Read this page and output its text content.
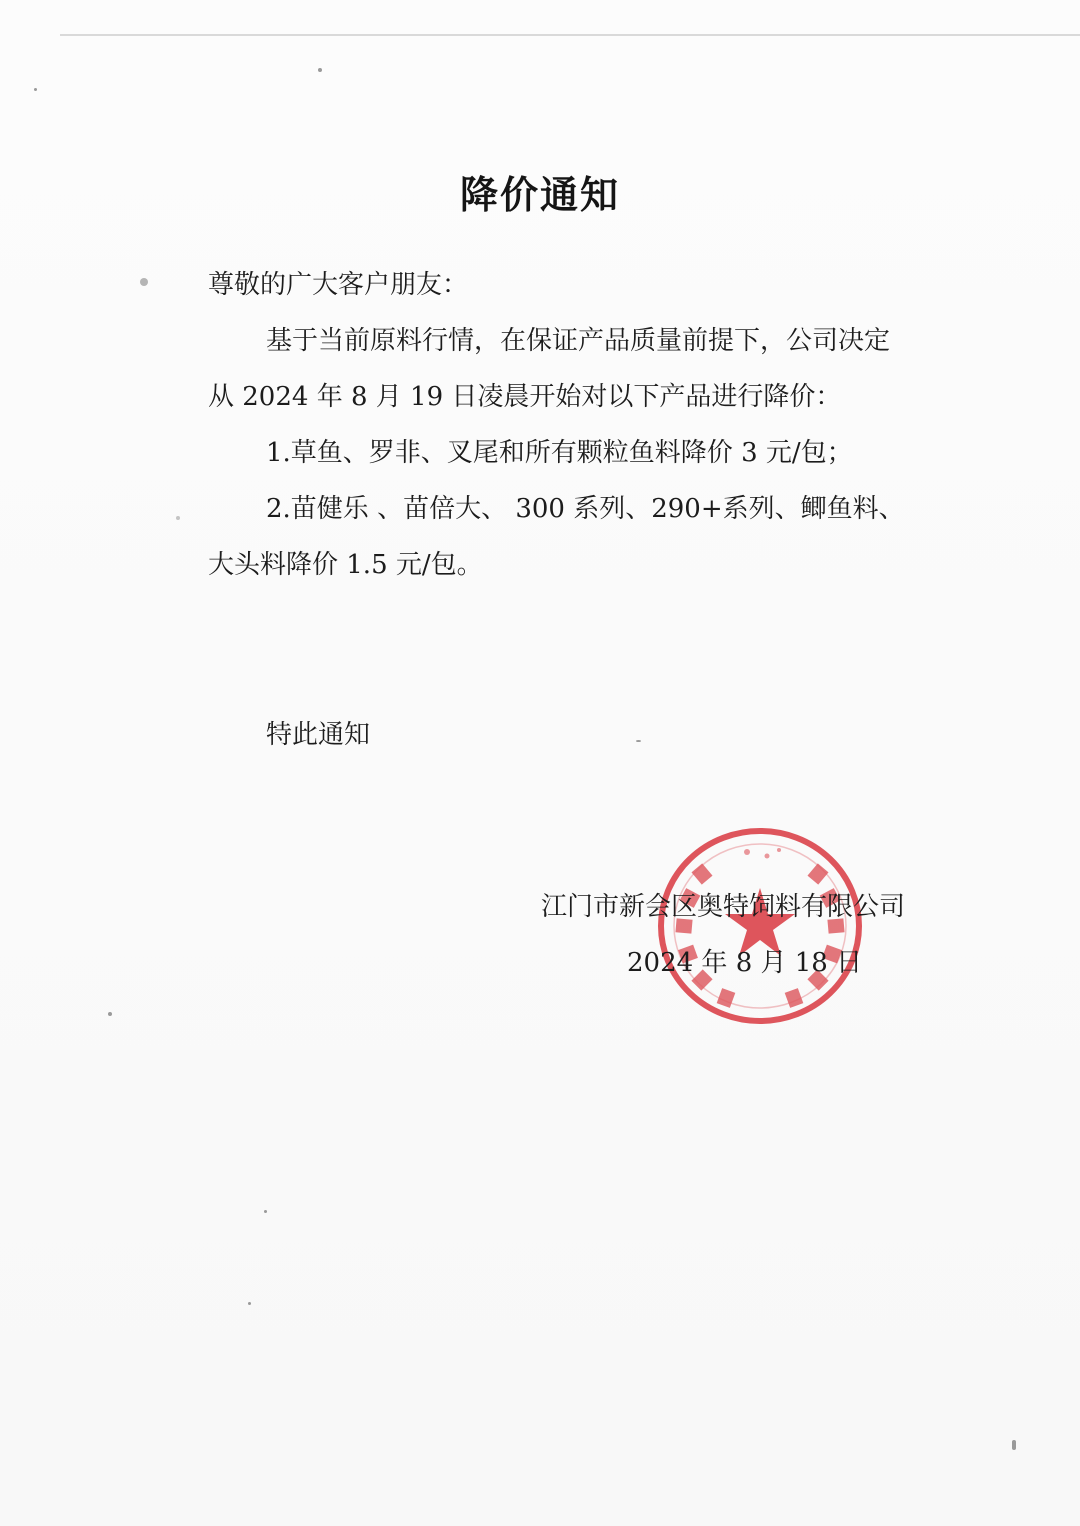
降价通知
尊敬的广大客户朋友：
基于当前原料行情，在保证产品质量前提下，公司决定
从 2024 年 8 月 19 日凌晨开始对以下产品进行降价：
1.草鱼、罗非、叉尾和所有颗粒鱼料降价 3 元/包；
2.苗健乐 、苗倍大、 300 系列、290+系列、鲫鱼料、
大头料降价 1.5 元/包。
特此通知
江门市新会区奥特饲料有限公司
2024 年 8 月 18 日
